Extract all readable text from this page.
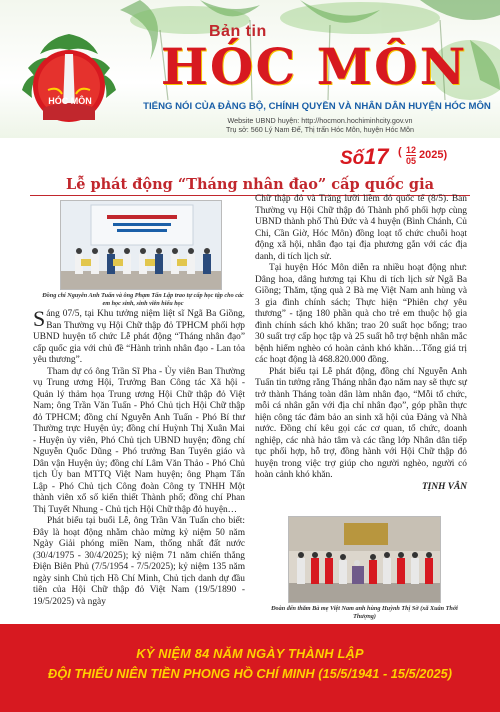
HÓC MÔN
Bản tin
HÓC MÔN
TIẾNG NÓI CỦA ĐẢNG BỘ, CHÍNH QUYỀN VÀ NHÂN DÂN HUYỆN HÓC MÔN
Website UBND huyện: http://hocmon.hochiminhcity.gov.vn
Trụ sở: 560 Lý Nam Đế, Thị trấn Hóc Môn, huyện Hóc Môn
Số 17 ( 12
05 2025)
Lễ phát động “Tháng nhân đạo” cấp quốc gia
Đồng chí Nguyễn Anh Tuấn và ông Phạm Tấn Lập trao tự cấp học tập cho các em học sinh, sinh viên hiếu học

Sáng 07/5, tại Khu tưởng niệm liệt sĩ Ngã Ba Giồng, Ban Thường vụ Hội Chữ thập đỏ TPHCM phối hợp UBND huyện tổ chức Lễ phát động “Tháng nhân đạo” cấp quốc gia với chủ đề “Hành trình nhân đạo - Lan tỏa yêu thương”.

Tham dự có ông Trần Sĩ Pha - Ủy viên Ban Thường vụ Trung ương Hội, Trưởng Ban Công tác Xã hội - Quản lý thảm họa Trung ương Hội Chữ thập đỏ Việt Nam; ông Trần Văn Tuấn - Phó Chủ tịch Hội Chữ thập đỏ TPHCM; đồng chí Nguyễn Anh Tuấn - Phó Bí thư Thường trực Huyện ủy; đồng chí Huỳnh Thị Xuân Mai - Huyện ủy viên, Phó Chủ tịch UBND huyện; đồng chí Nguyễn Quốc Dũng - Phó trưởng Ban Tuyên giáo và Dân vận Huyện ủy; đồng chí Lâm Văn Thảo - Phó Chủ tịch Ủy ban MTTQ Việt Nam huyện; ông Phạm Tấn Lập - Phó Chủ tịch Công đoàn Công ty TNHH Một thành viên xổ số kiến thiết Thành phố; đồng chí Phan Thị Tuyết Nhung - Chủ tịch Hội Chữ thập đỏ huyện…

Phát biểu tại buổi Lễ, ông Trần Văn Tuấn cho biết: Đây là hoạt động nhằm chào mừng kỷ niệm 50 năm Ngày Giải phóng miền Nam, thống nhất đất nước (30/4/1975 - 30/4/2025); kỷ niệm 71 năm chiến thắng Điện Biên Phủ (7/5/1954 - 7/5/2025); kỷ niệm 135 năm ngày sinh Chủ tịch Hồ Chí Minh, Chủ tịch danh dự đầu tiên của Hội Chữ thập đỏ Việt Nam (19/5/1890 - 19/5/2025) và ngày

Chữ thập đỏ và Trăng lưỡi liềm đỏ quốc tế (8/5). Ban Thường vụ Hội Chữ thập đỏ Thành phố phối hợp cùng UBND thành phố Thủ Đức và 4 huyện (Bình Chánh, Củ Chi, Cần Giờ, Hóc Môn) đồng loạt tổ chức chuỗi hoạt động xã hội, nhân đạo tại địa phương gắn với các địa danh, di tích lịch sử.

Tại huyện Hóc Môn diễn ra nhiều hoạt động như: Dâng hoa, dâng hương tại Khu di tích lịch sử Ngã Ba Giồng; Thăm, tặng quà 2 Bà mẹ Việt Nam anh hùng và 3 gia đình chính sách; Thực hiện “Phiên chợ yêu thương” - tặng 180 phần quà cho trẻ em thuộc hộ gia đình chính sách khó khăn; trao 20 suất học bổng; trao 30 suất trợ cấp học tập và 25 suất hỗ trợ bệnh nhân mắc bệnh hiểm nghèo có hoàn cảnh khó khăn…Tổng giá trị các hoạt động là 468.820.000 đồng.

Phát biểu tại Lễ phát động, đồng chí Nguyễn Anh Tuấn tin tưởng rằng Tháng nhân đạo năm nay sẽ thực sự trở thành Tháng toàn dân làm nhân đạo, “Mỗi tổ chức, mỗi cá nhân gắn với địa chỉ nhân đạo”, góp phần thực hiện công tác đảm bảo an sinh xã hội của Đảng và Nhà nước. Đồng chí kêu gọi các cơ quan, tổ chức, doanh nghiệp, các nhà hảo tâm và các tầng lớp Nhân dân tiếp tục phối hợp, hỗ trợ, đồng hành với Hội Chữ thập đỏ huyện trong việc trợ giúp cho người nghèo, người có hoàn cảnh khó khăn.

TỊNH VÂN
Đoàn đến thăm Bà mẹ Việt Nam anh hùng Huỳnh Thị Sờ (xã Xuân Thới Thượng)
KỶ NIỆM 84 NĂM NGÀY THÀNH LẬP
ĐỘI THIẾU NIÊN TIỀN PHONG HỒ CHÍ MINH (15/5/1941 - 15/5/2025)
